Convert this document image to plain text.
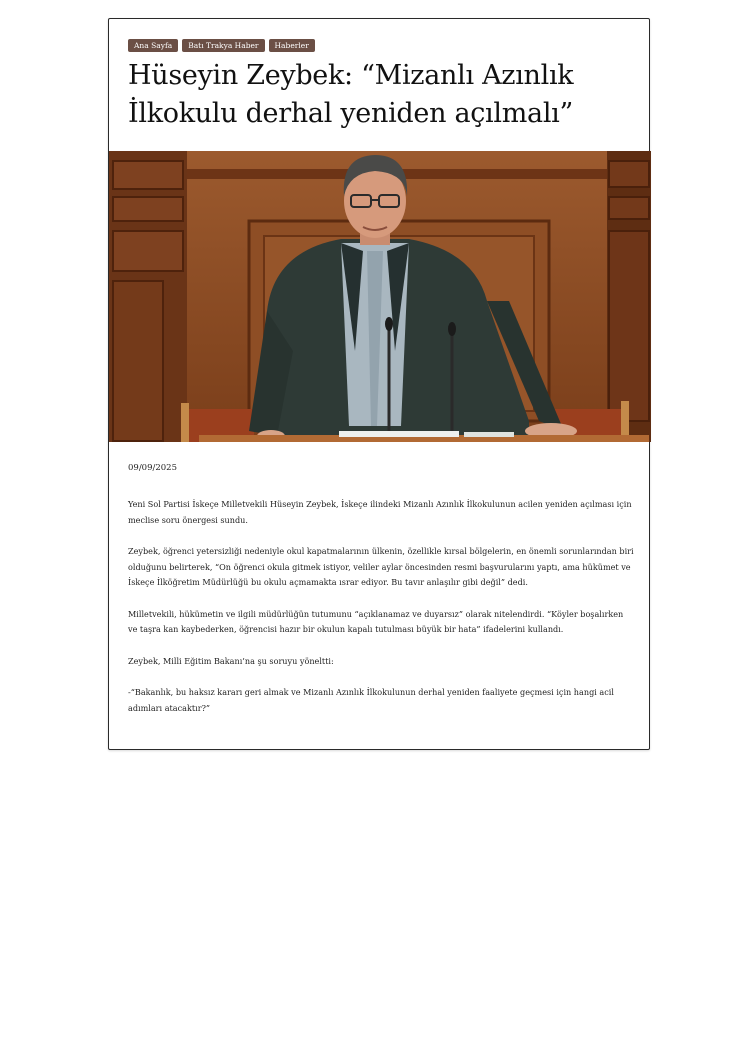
Ana Sayfa	Batı Trakya Haber	Haberler
Hüseyin Zeybek: “Mizanlı Azınlık İlkokulu derhal yeniden açılmalı”
09/09/2025

Yeni Sol Partisi İskeçe Milletvekili Hüseyin Zeybek, İskeçe ilindeki Mizanlı Azınlık İlkokulunun acilen yeniden açılması için meclise soru önergesi sundu.

Zeybek, öğrenci yetersizliği nedeniyle okul kapatmalarının ülkenin, özellikle kırsal bölgelerin, en önemli sorunlarından biri olduğunu belirterek, “On öğrenci okula gitmek istiyor, veliler aylar öncesinden resmi başvurularını yaptı, ama hükümet ve İskeçe İlköğretim Müdürlüğü bu okulu açmamakta ısrar ediyor. Bu tavır anlaşılır gibi değil” dedi.

Milletvekili, hükümetin ve ilgili müdürlüğün tutumunu “açıklanamaz ve duyarsız” olarak nitelendirdi. “Köyler boşalırken ve taşra kan kaybederken, öğrencisi hazır bir okulun kapalı tutulması büyük bir hata” ifadelerini kullandı.

Zeybek, Milli Eğitim Bakanı’na şu soruyu yöneltti:

-“Bakanlık, bu haksız kararı geri almak ve Mizanlı Azınlık İlkokulunun derhal yeniden faaliyete geçmesi için hangi acil adımları atacaktır?”
